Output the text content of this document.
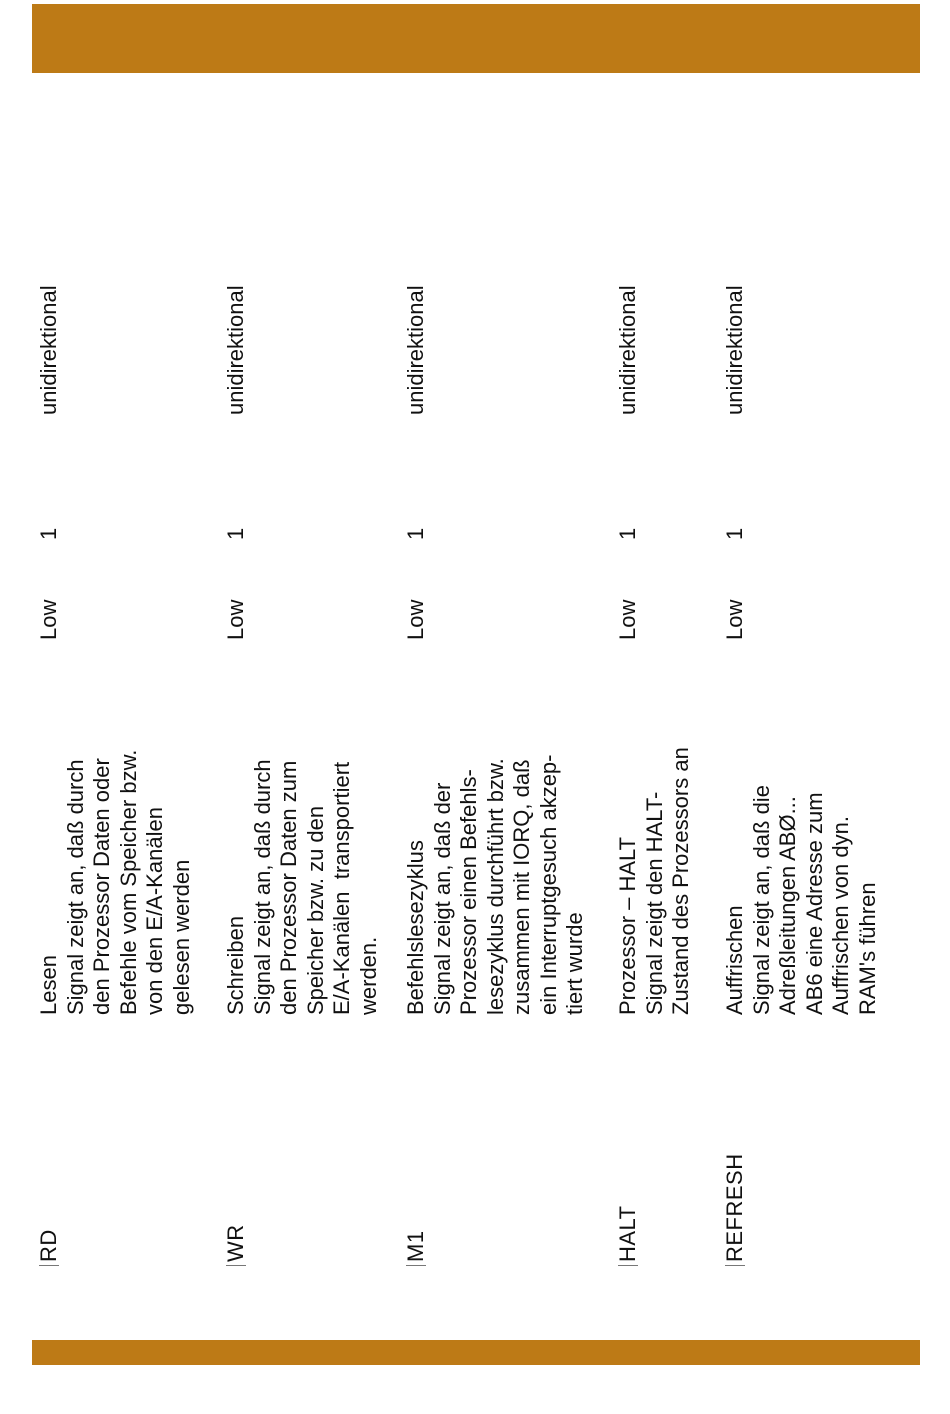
RD
Lesen
Signal zeigt an, daß durch
den Prozessor Daten oder
Befehle vom Speicher bzw.
von den E/A-Kanälen
gelesen werden
Low
1
unidirektional
WR
Schreiben
Signal zeigt an, daß durch
den Prozessor Daten zum
Speicher bzw. zu den
E/A-Kanälen  transportiert
werden.
Low
1
unidirektional
M1
Befehlslesezyklus
Signal zeigt an, daß der
Prozessor einen Befehls-
lesezyklus durchführt bzw.
zusammen mit IORQ, daß
ein Interruptgesuch akzep-
tiert wurde
Low
1
unidirektional
HALT
Prozessor – HALT
Signal zeigt den HALT-
Zustand des Prozessors an
Low
1
unidirektional
REFRESH
Auffrischen
Signal zeigt an, daß die
Adreßleitungen ABØ...
AB6 eine Adresse zum
Auffrischen von dyn.
RAM's führen
Low
1
unidirektional
